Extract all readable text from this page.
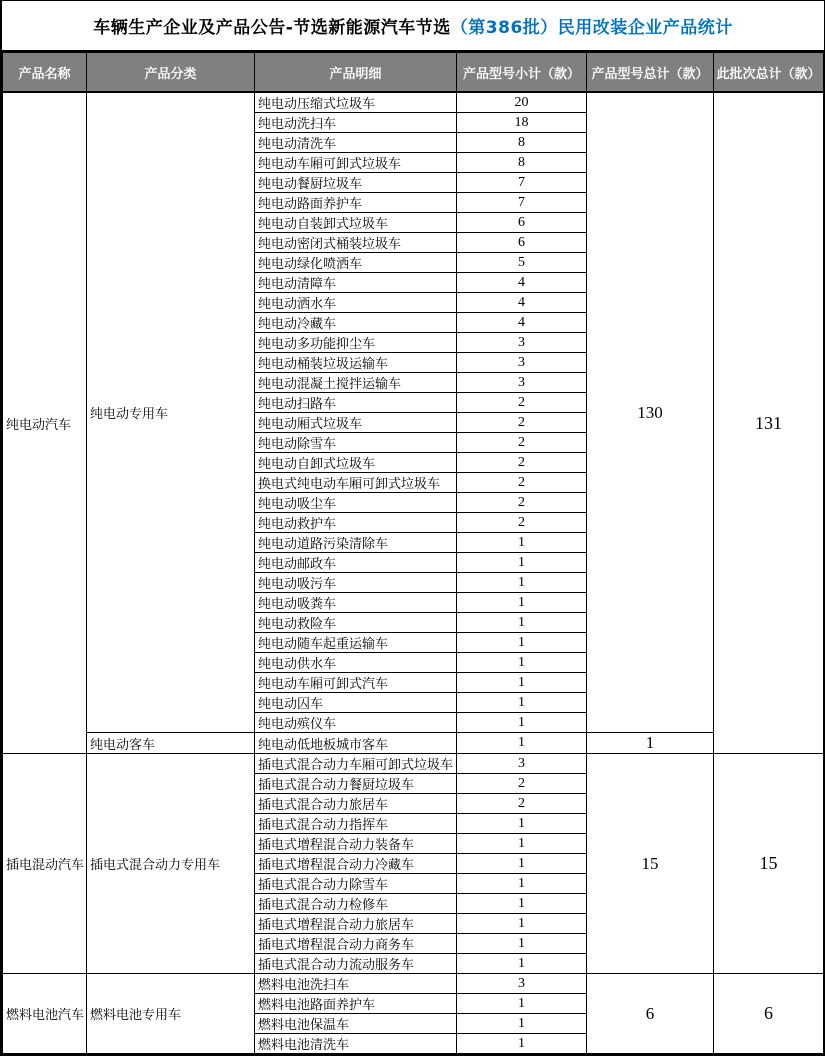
车辆生产企业及产品公告-节选新能源汽车节选 （第386批）民用改装企业产品统计
产品名称	产品分类	产品明细	产品型号小计（款）	产品型号总计（款）	此批次总计（款）
纯电动汽车	纯电动专用车	纯电动压缩式垃圾车	20	130	131
		纯电动洗扫车	18		
		纯电动清洗车	8		
		纯电动车厢可卸式垃圾车	8		
		纯电动餐厨垃圾车	7		
		纯电动路面养护车	7		
		纯电动自装卸式垃圾车	6		
		纯电动密闭式桶装垃圾车	6		
		纯电动绿化喷洒车	5		
		纯电动清障车	4		
		纯电动洒水车	4		
		纯电动冷藏车	4		
		纯电动多功能抑尘车	3		
		纯电动桶装垃圾运输车	3		
		纯电动混凝土搅拌运输车	3		
		纯电动扫路车	2		
		纯电动厢式垃圾车	2		
		纯电动除雪车	2		
		纯电动自卸式垃圾车	2		
		换电式纯电动车厢可卸式垃圾车	2		
		纯电动吸尘车	2		
		纯电动救护车	2		
		纯电动道路污染清除车	1		
		纯电动邮政车	1		
		纯电动吸污车	1		
		纯电动吸粪车	1		
		纯电动救险车	1		
		纯电动随车起重运输车	1		
		纯电动供水车	1		
		纯电动车厢可卸式汽车	1		
		纯电动囚车	1		
		纯电动殡仪车	1		
	纯电动客车	纯电动低地板城市客车	1	1	
插电混动汽车	插电式混合动力专用车	插电式混合动力车厢可卸式垃圾车	3	15	15
		插电式混合动力餐厨垃圾车	2		
		插电式混合动力旅居车	2		
		插电式混合动力指挥车	1		
		插电式增程混合动力装备车	1		
		插电式增程混合动力冷藏车	1		
		插电式混合动力除雪车	1		
		插电式混合动力检修车	1		
		插电式增程混合动力旅居车	1		
		插电式增程混合动力商务车	1		
		插电式混合动力流动服务车	1		
燃料电池汽车	燃料电池专用车	燃料电池洗扫车	3	6	6
		燃料电池路面养护车	1		
		燃料电池保温车	1		
		燃料电池清洗车	1		
